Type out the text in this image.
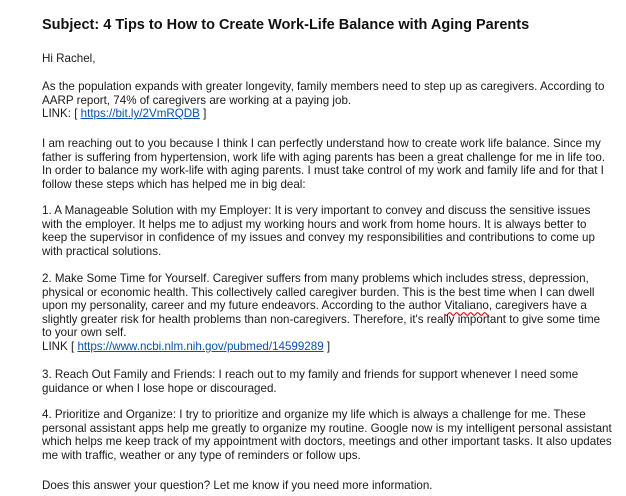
Subject: 4 Tips to How to Create Work-Life Balance with Aging Parents

Hi Rachel,

As the population expands with greater longevity, family members need to step up as caregivers. According to AARP report, 74% of caregivers are working at a paying job.
LINK: [ https://bit.ly/2VmRQDB ]

I am reaching out to you because I think I can perfectly understand how to create work life balance. Since my father is suffering from hypertension, work life with aging parents has been a great challenge for me in life too. In order to balance my work-life with aging parents. I must take control of my work and family life and for that I follow these steps which has helped me in big deal:

1. A Manageable Solution with my Employer: It is very important to convey and discuss the sensitive issues with the employer. It helps me to adjust my working hours and work from home hours. It is always better to keep the supervisor in confidence of my issues and convey my responsibilities and contributions to come up with practical solutions.

2. Make Some Time for Yourself. Caregiver suffers from many problems which includes stress, depression, physical or economic health. This collectively called caregiver burden. This is the best time when I can dwell upon my personality, career and my future endeavors. According to the author Vitaliano, caregivers have a slightly greater risk for health problems than non-caregivers. Therefore, it's really important to give some time to your own self.
LINK [ https://www.ncbi.nlm.nih.gov/pubmed/14599289 ]

3. Reach Out Family and Friends: I reach out to my family and friends for support whenever I need some guidance or when I lose hope or discouraged.

4. Prioritize and Organize: I try to prioritize and organize my life which is always a challenge for me. These personal assistant apps help me greatly to organize my routine. Google now is my intelligent personal assistant which helps me keep track of my appointment with doctors, meetings and other important tasks. It also updates me with traffic, weather or any type of reminders or follow ups.

Does this answer your question? Let me know if you need more information.
